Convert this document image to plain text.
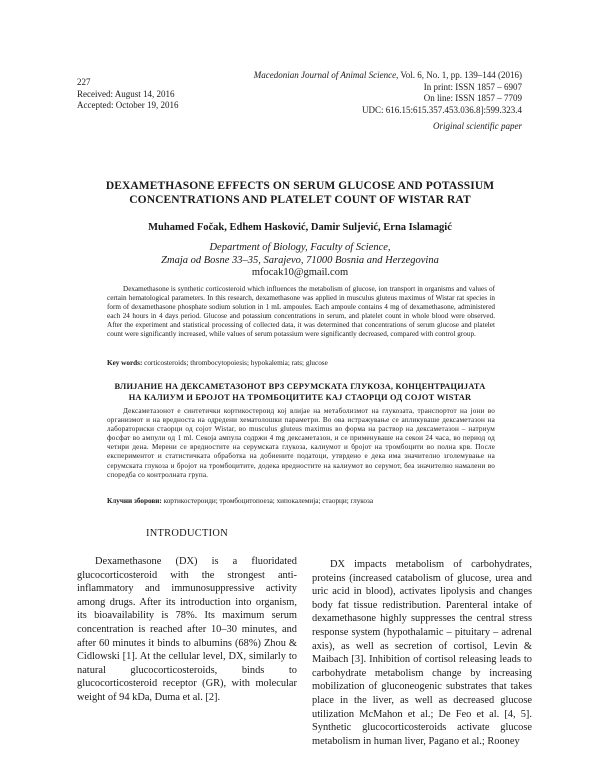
227
Received: August 14, 2016
Accepted: October 19, 2016
Macedonian Journal of Animal Science, Vol. 6, No. 1, pp. 139–144 (2016)
In print: ISSN 1857 – 6907
On line: ISSN 1857 – 7709
UDC: 616.15:615.357.453.036.8]:599.323.4
Original scientific paper
DEXAMETHASONE EFFECTS ON SERUM GLUCOSE AND POTASSIUM
CONCENTRATIONS AND PLATELET COUNT OF WISTAR RAT
Muhamed Fočak, Edhem Hasković, Damir Suljević, Erna Islamagić
Department of Biology, Faculty of Science,
Zmaja od Bosne 33–35, Sarajevo, 71000 Bosnia and Herzegovina
mfocak10@gmail.com
Dexamethasone is synthetic corticosteroid which influences the metabolism of glucose, ion transport in organisms and values of certain hematological parameters. In this research, dexamethasone was applied in musculus gluteus maximus of Wistar rat species in form of dexamethasone phosphate sodium solution in 1 mL ampoules. Each ampoule contains 4 mg of dexamethasone, administered each 24 hours in 4 days period. Glucose and potassium concentrations in serum, and platelet count in whole blood were observed. After the experiment and statistical processing of collected data, it was determined that concentrations of serum glucose and platelet count were significantly increased, while values of serum potassium were significantly decreased, compared with control group.
Key words: corticosteroids; thrombocytopoiesis; hypokalemia; rats; glucose
ВЛИЈАНИЕ НА ДЕКСАМЕТАЗОНОТ ВРЗ СЕРУМСКАТА ГЛУКОЗА, КОНЦЕНТРАЦИЈАТА
НА КАЛИУМ И БРОЈОТ НА ТРОМБОЦИТИТЕ КАЈ СТАОРЦИ ОД СОЈОТ WISTAR
Дексаметазонот е синтетички кортикостероид кој влијае на метаболизмот на глукозата, транспортот на јони во организмот и на вредноста на одредени хематолошки параметри. Во ова истражување се апликуваше дексаметазон на лабораториски стаорци од сојот Wistar, во musculus gluteus maximus во форма на раствор на дексаметазон – натриум фосфат во ампули од 1 ml. Секоја ампула содржи 4 mg дексаметазон, и се применуваше на секои 24 часа, во период од четири дена. Мерени се вредностите на серумската глукоза, калиумот и бројот на тромбоцити во полна крв. После експериментот и статистичката обработка на добиените податоци, утврдено е дека има значително зголемување на серумската глукоза и бројот на тромбоцитите, додека вредностите на калиумот во серумот, беа значително намалени во споредба со контролната група.
Клучни зборови: кортикостероиди; тромбоцитопоеза; хипокалемија; стаорци; глукоза
INTRODUCTION
Dexamethasone (DX) is a fluoridated glucocorticosteroid with the strongest anti-inflammatory and immunosuppressive activity among drugs. After its introduction into organism, its bioavailability is 78%. Its maximum serum concentration is reached after 10–30 minutes, and after 60 minutes it binds to albumins (68%) Zhou & Cidlowski [1]. At the cellular level, DX, similarly to natural glucocorticosteroids, binds to glucocorticosteroid receptor (GR), with molecular weight of 94 kDa, Duma et al. [2].
DX impacts metabolism of carbohydrates, proteins (increased catabolism of glucose, urea and uric acid in blood), activates lipolysis and changes body fat tissue redistribution. Parenteral intake of dexamethasone highly suppresses the central stress response system (hypothalamic – pituitary – adrenal axis), as well as secretion of cortisol, Levin & Maibach [3]. Inhibition of cortisol releasing leads to carbohydrate metabolism change by increasing mobilization of gluconeogenic substrates that takes place in the liver, as well as decreased glucose utilization McMahon et al.; De Feo et al. [4, 5]. Synthetic glucocorticosteroids activate glucose metabolism in human liver, Pagano et al.; Rooney
